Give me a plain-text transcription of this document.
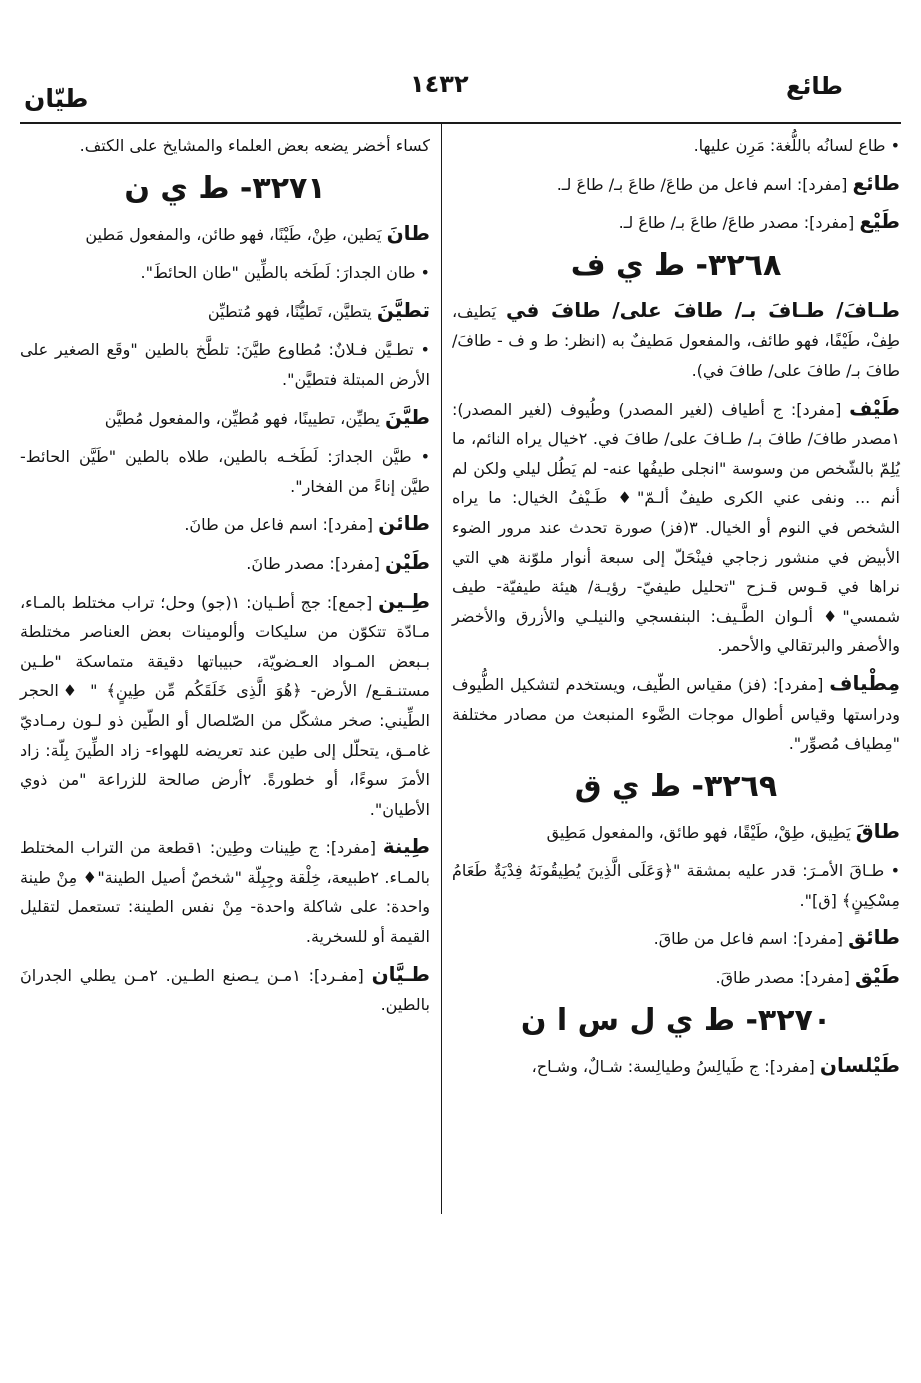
طيّان	١٤٣٢	طائع

• طاع لسانُه باللُّغة: مَرِن عليها.

طائع [مفرد]: اسم فاعل من طاعَ/ طاعَ بـ/ طاعَ لـ.

طَيْع [مفرد]: مصدر طاعَ/ طاعَ بـ/ طاعَ لـ.

٣٢٦٨- ط ي ف

طـافَ/ طـافَ بـ/ طافَ على/ طافَ في يَطيف، طِفْ، طَيْفًا، فهو طائف، والمفعول مَطيفٌ به (انظر: ط و ف - طافَ/ طافَ بـ/ طافَ على/ طافَ في).

طَيْف [مفرد]: ج أطياف (لغير المصدر) وطُيوف (لغير المصدر): ١مصدر طافَ/ طافَ بـ/ طـافَ على/ طافَ في. ٢خيال يراه النائم، ما يُلِمّ بالشّخص من وسوسة "انجلى طيفُها عنه- لم يَطُل ليلي ولكن لم أنم ... ونفى عني الكرى طيفٌ ألـمّ"♦ طَـيْفُ الخيال: ما يراه الشخص في النوم أو الخيال. ٣(فز) صورة تحدث عند مرور الضوء الأبيض في منشور زجاجي فينْحَلّ إلى سبعة أنوار ملوّنة هي التي نراها في قـوس قـزح "تحليل طيفيّ- رؤيـة/ هيئة طيفيّة- طيف شمسي"♦ ألـوان الطَّـيف: البنفسجي والنيلـي والأزرق والأخضر والأصفر والبرتقالي والأحمر.

مِطْياف [مفرد]: (فز) مقياس الطّيف، ويستخدم لتشكيل الطُّيوف ودراستها وقياس أطوال موجات الضَّوء المنبعث من مصادر مختلفة "مِطياف مُصوِّر".

٣٢٦٩- ط ي ق

طاقَ يَطِيق، طِقْ، طَيْقًا، فهو طائق، والمفعول مَطِيق

• طـاقَ الأمـرَ: قدر عليه بمشقة "﴿وَعَلَى الَّذِينَ يُطِيقُونَهُ فِدْيَةٌ طَعَامُ مِسْكِينٍ﴾ [ق]".

طائق [مفرد]: اسم فاعل من طاقَ.

طَيْق [مفرد]: مصدر طاقَ.

٣٢٧٠- ط ي ل س ا ن

طَيْلسان [مفرد]: ج طَيالِسُ وطيالِسة: شـالٌ، وشـاح،

كساء أخضر يضعه بعض العلماء والمشايخ على الكتف.

٣٢٧١- ط ي ن

طانَ يَطين، طِنْ، طَيْنًا، فهو طائن، والمفعول مَطين

• طان الجدارَ: لَطَخه بالطِّين "طان الحائطَ".

تطيَّنَ يتطيَّن، تَطيُّنًا، فهو مُتطيِّن

• تطـيَّن فـلانٌ: مُطاوع طيَّنَ: تلطَّخ بالطين "وقَع الصغير على الأرض المبتلة فتطيَّن".

طيَّنَ يطيِّن، تطيينًا، فهو مُطيِّن، والمفعول مُطيَّن

• طيَّن الجدارَ: لَطَخـه بالطين، طلاه بالطين "طَيَّن الحائط- طيَّن إناءً من الفخار".

طائن [مفرد]: اسم فاعل من طانَ.

طَيْن [مفرد]: مصدر طانَ.

طِـين [جمع]: جج أطـيان: ١(جو) وحل؛ تراب مختلط بالمـاء، مـادّة تتكوّن من سليكات وألومينات بعض العناصر مختلطة بـبعض المـواد العـضويّة، حبيباتها دقيقة متماسكة "طـين مستنـقـع/ الأرض- ﴿هُوَ الَّذِى خَلَقَكُم مِّن طِينٍ﴾ " ♦الحجر الطِّيني: صخر مشكّل من الصّلصال أو الطّين ذو لـون رمـاديّ غامـق، يتحلّل إلى طين عند تعريضه للهواء- زاد الطِّينَ بِلّة: زاد الأمرَ سوءًا، أو خطورةً. ٢أرض صالحة للزراعة "من ذوي الأطيان".

طِينة [مفرد]: ج طِينات وطِين: ١قطعة من التراب المختلط بالمـاء. ٢طبيعة، خِلْقة وجِبِلّة "شخصٌ أصيل الطينة"♦ مِنْ طينة واحدة: على شاكلة واحدة- مِنْ نفس الطينة: تستعمل لتقليل القيمة أو للسخرية.

طـيَّان [مفـرد]: ١مـن يـصنع الطـين. ٢مـن يطلي الجدرانَ بالطين.
